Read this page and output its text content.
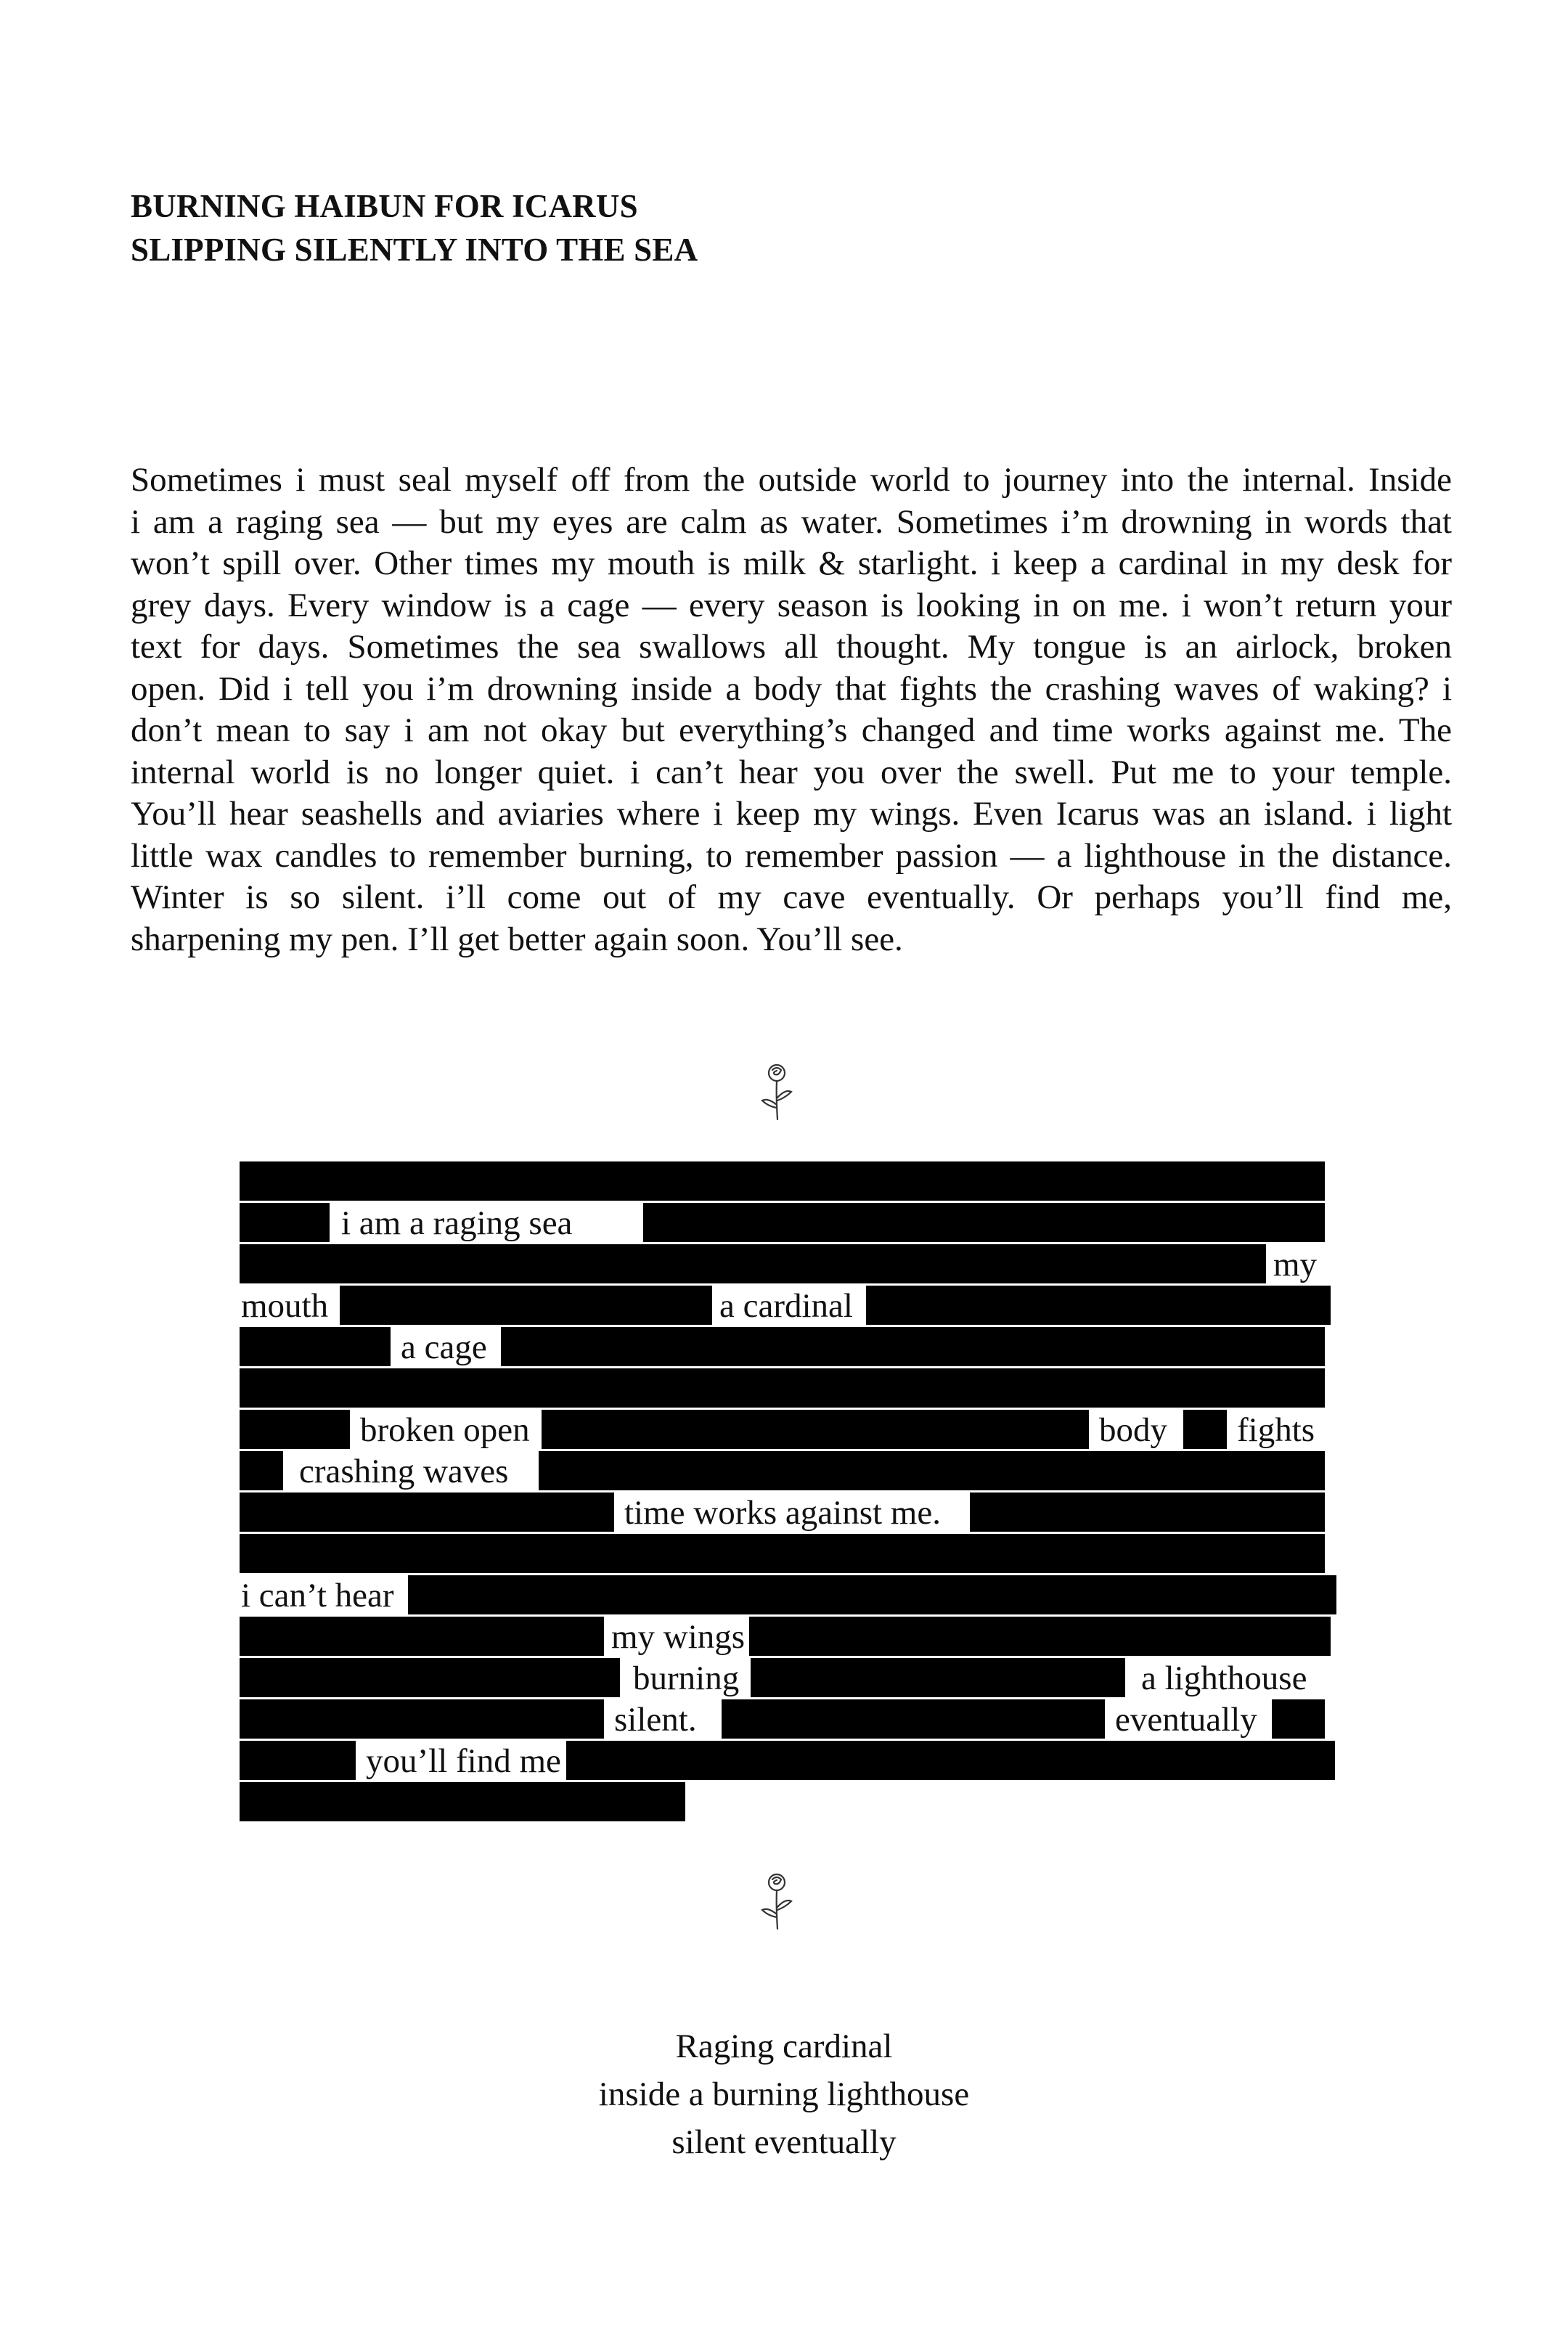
BURNING HAIBUN FOR ICARUS
SLIPPING SILENTLY INTO THE SEA
Sometimes i must seal myself off from the outside world to journey into the internal. Inside
i am a raging sea — but my eyes are calm as water. Sometimes i’m drowning in words that
won’t spill over. Other times my mouth is milk & starlight. i keep a cardinal in my desk for
grey days. Every window is a cage — every season is looking in on me. i won’t return your
text for days. Sometimes the sea swallows all thought. My tongue is an airlock, broken
open. Did i tell you i’m drowning inside a body that fights the crashing waves of waking? i
don’t mean to say i am not okay but everything’s changed and time works against me. The
internal world is no longer quiet. i can’t hear you over the swell. Put me to your temple.
You’ll hear seashells and aviaries where i keep my wings. Even Icarus was an island. i light
little wax candles to remember burning, to remember passion — a lighthouse in the distance.
Winter is so silent. i’ll come out of my cave eventually. Or perhaps you’ll find me,
sharpening my pen. I’ll get better again soon. You’ll see.
i am a raging sea
my
mouth	a cardinal
a cage
broken open	body	fights
crashing waves
time works against me.
i can’t hear
my wings
burning	a lighthouse
silent.	eventually
you’ll find me
Raging cardinal
inside a burning lighthouse
silent eventually
